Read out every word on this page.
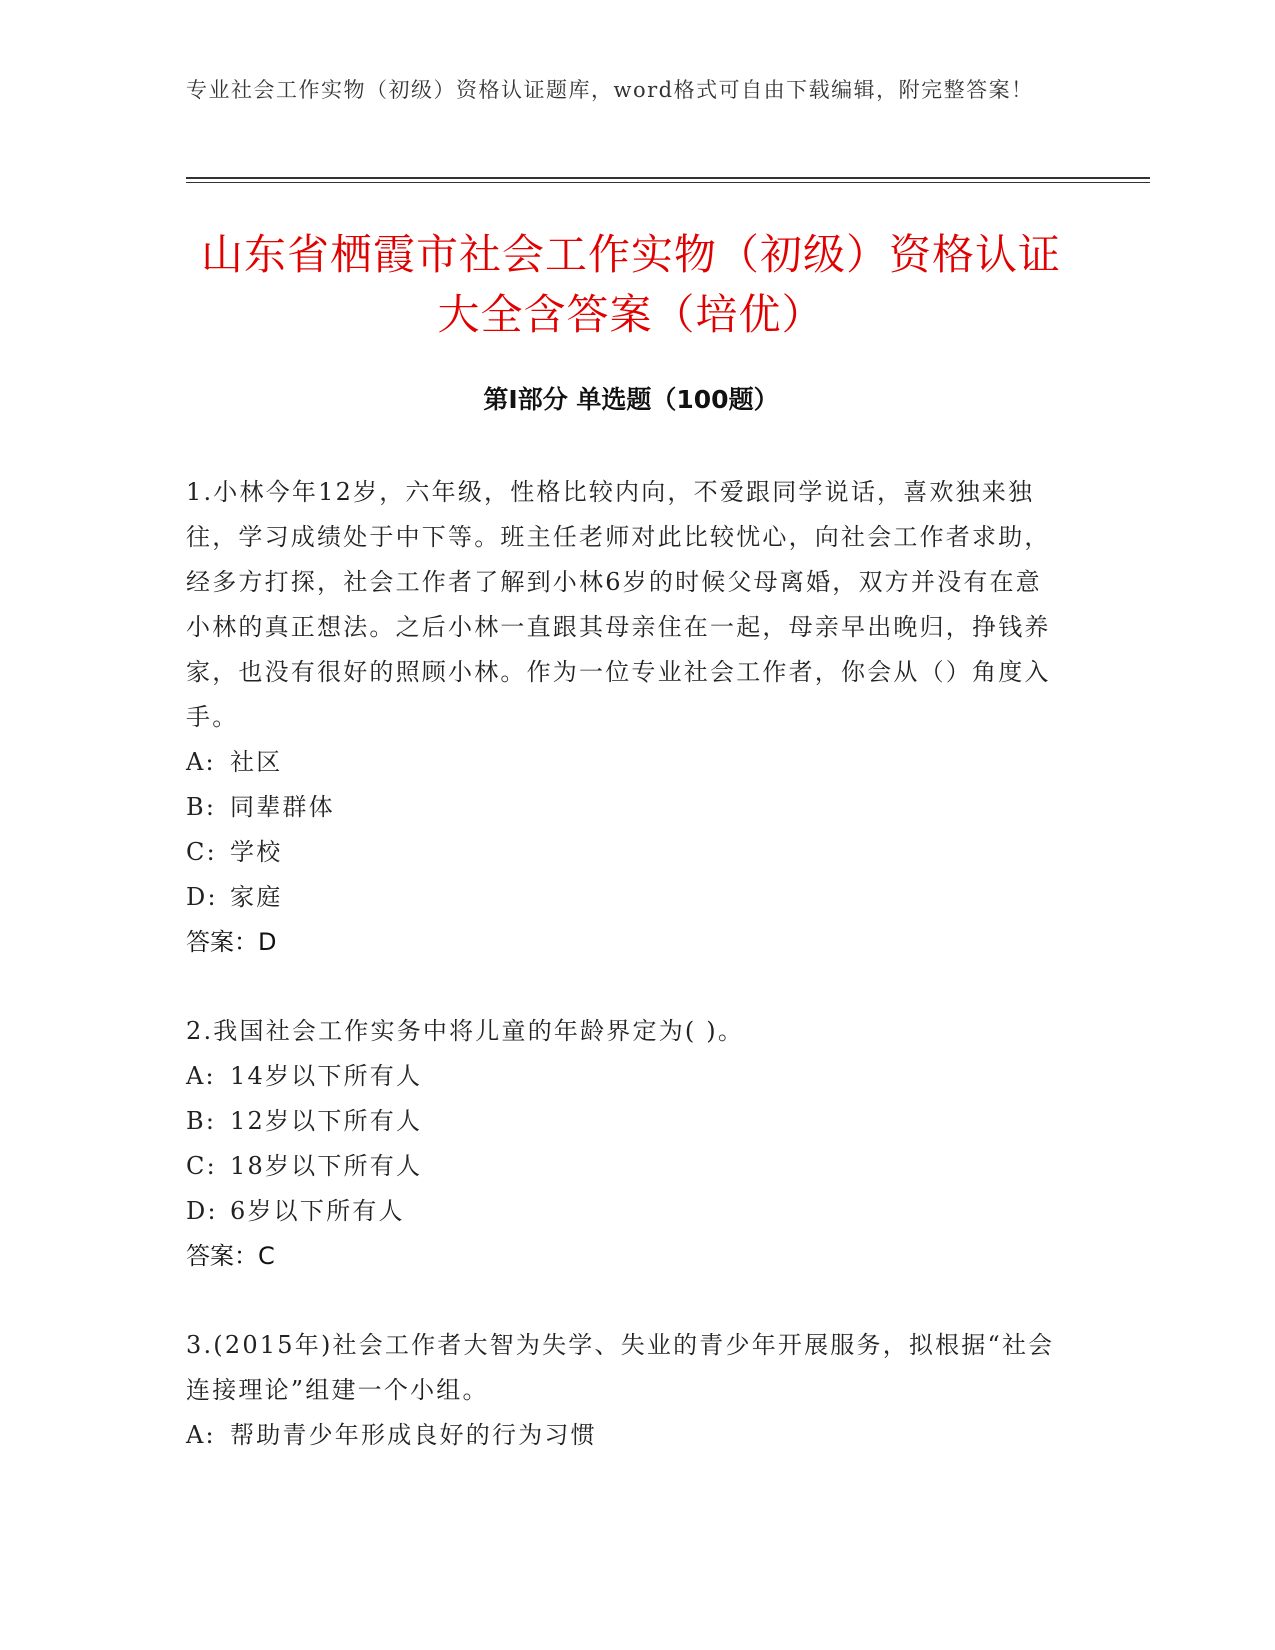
专业社会工作实物（初级）资格认证题库，word格式可自由下载编辑，附完整答案！
山东省栖霞市社会工作实物（初级）资格认证大全含答案（培优）
第Ⅰ部分 单选题（100题）

1.小林今年12岁，六年级，性格比较内向，不爱跟同学说话，喜欢独来独往，学习成绩处于中下等。班主任老师对此比较忧心，向社会工作者求助，经多方打探，社会工作者了解到小林6岁的时候父母离婚，双方并没有在意小林的真正想法。之后小林一直跟其母亲住在一起，母亲早出晚归，挣钱养家，也没有很好的照顾小林。作为一位专业社会工作者，你会从（）角度入手。

A: 社区

B: 同辈群体

C: 学校

D: 家庭

答案：D

2.我国社会工作实务中将儿童的年龄界定为( )。

A: 14岁以下所有人

B: 12岁以下所有人

C: 18岁以下所有人

D: 6岁以下所有人

答案：C

3.(2015年)社会工作者大智为失学、失业的青少年开展服务，拟根据“社会连接理论”组建一个小组。

A: 帮助青少年形成良好的行为习惯
